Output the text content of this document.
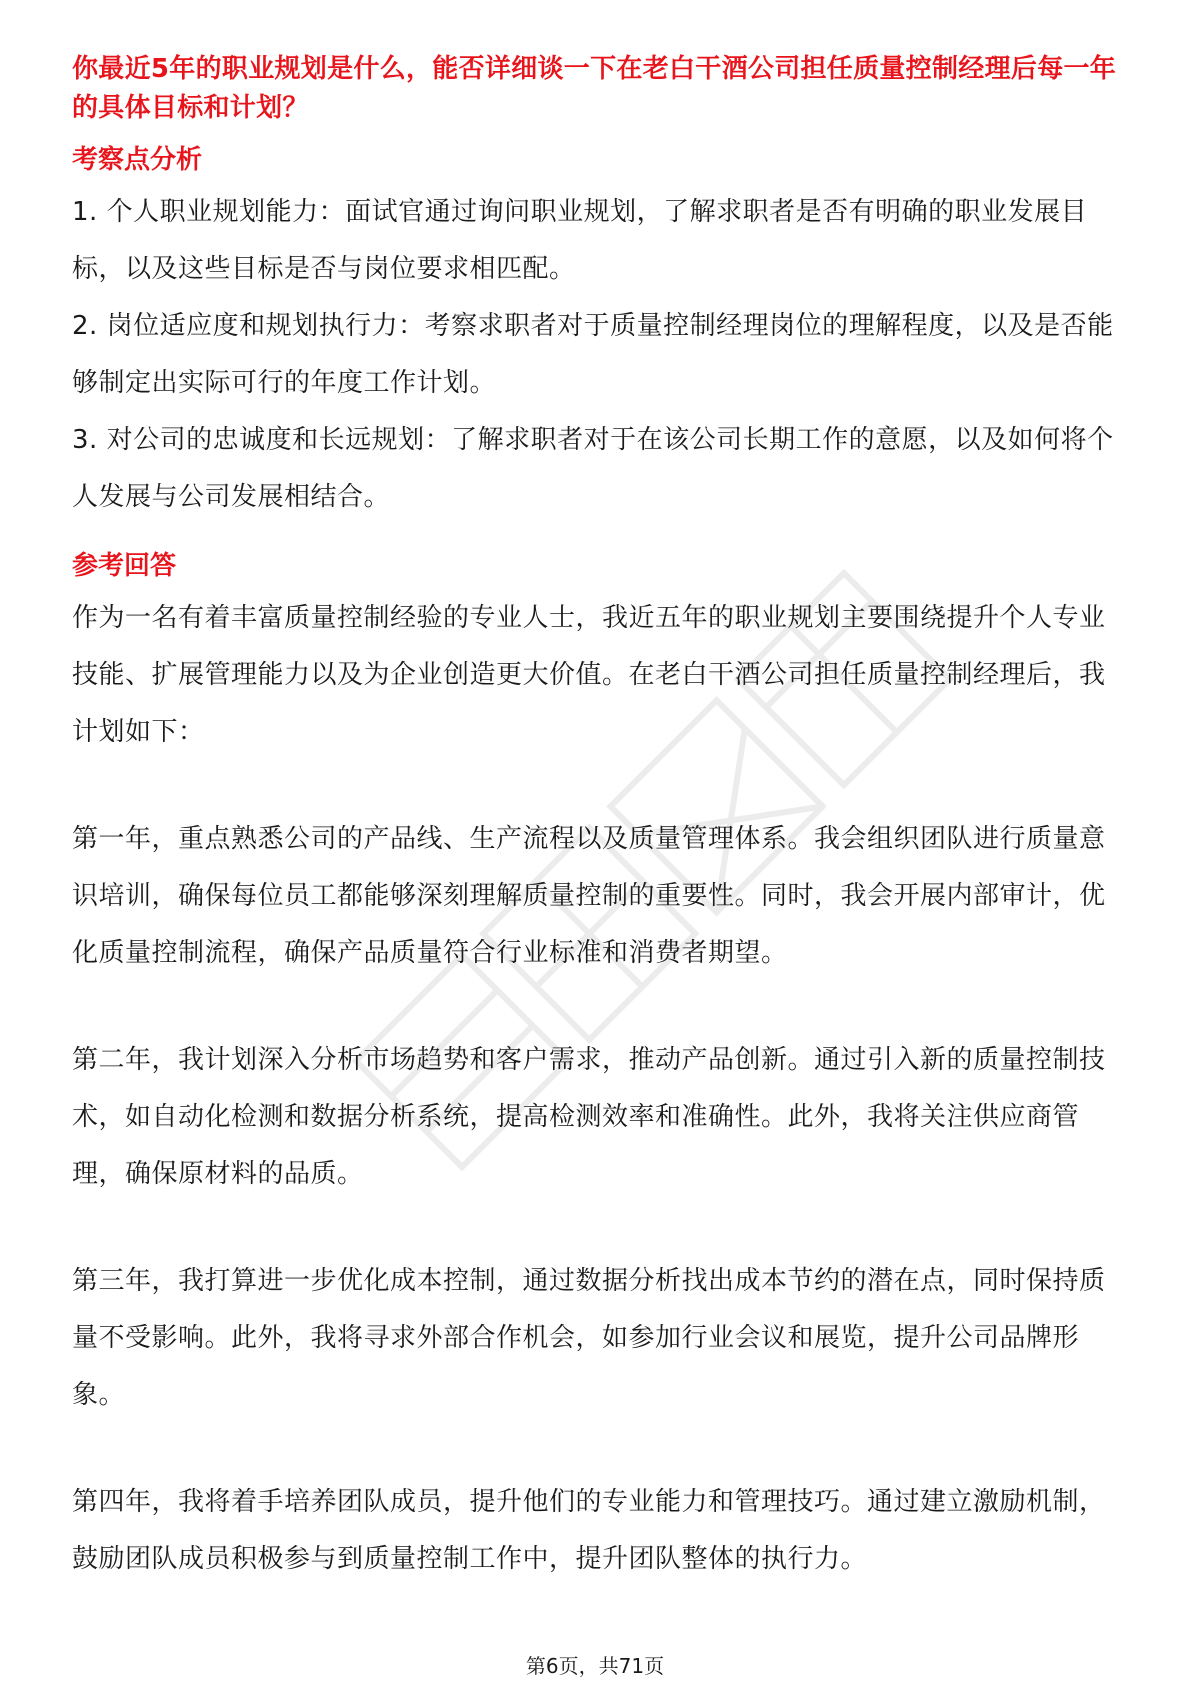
你最近5年的职业规划是什么，能否详细谈一下在老白干酒公司担任质量控制经理后每一年的具体目标和计划？

考察点分析

1. 个人职业规划能力：面试官通过询问职业规划，了解求职者是否有明确的职业发展目标，以及这些目标是否与岗位要求相匹配。

2. 岗位适应度和规划执行力：考察求职者对于质量控制经理岗位的理解程度，以及是否能够制定出实际可行的年度工作计划。

3. 对公司的忠诚度和长远规划：了解求职者对于在该公司长期工作的意愿，以及如何将个人发展与公司发展相结合。

参考回答

作为一名有着丰富质量控制经验的专业人士，我近五年的职业规划主要围绕提升个人专业技能、扩展管理能力以及为企业创造更大价值。在老白干酒公司担任质量控制经理后，我计划如下：

第一年，重点熟悉公司的产品线、生产流程以及质量管理体系。我会组织团队进行质量意识培训，确保每位员工都能够深刻理解质量控制的重要性。同时，我会开展内部审计，优化质量控制流程，确保产品质量符合行业标准和消费者期望。

第二年，我计划深入分析市场趋势和客户需求，推动产品创新。通过引入新的质量控制技术，如自动化检测和数据分析系统，提高检测效率和准确性。此外，我将关注供应商管理，确保原材料的品质。

第三年，我打算进一步优化成本控制，通过数据分析找出成本节约的潜在点，同时保持质量不受影响。此外，我将寻求外部合作机会，如参加行业会议和展览，提升公司品牌形象。

第四年，我将着手培养团队成员，提升他们的专业能力和管理技巧。通过建立激励机制，鼓励团队成员积极参与到质量控制工作中，提升团队整体的执行力。

第6页，共71页
